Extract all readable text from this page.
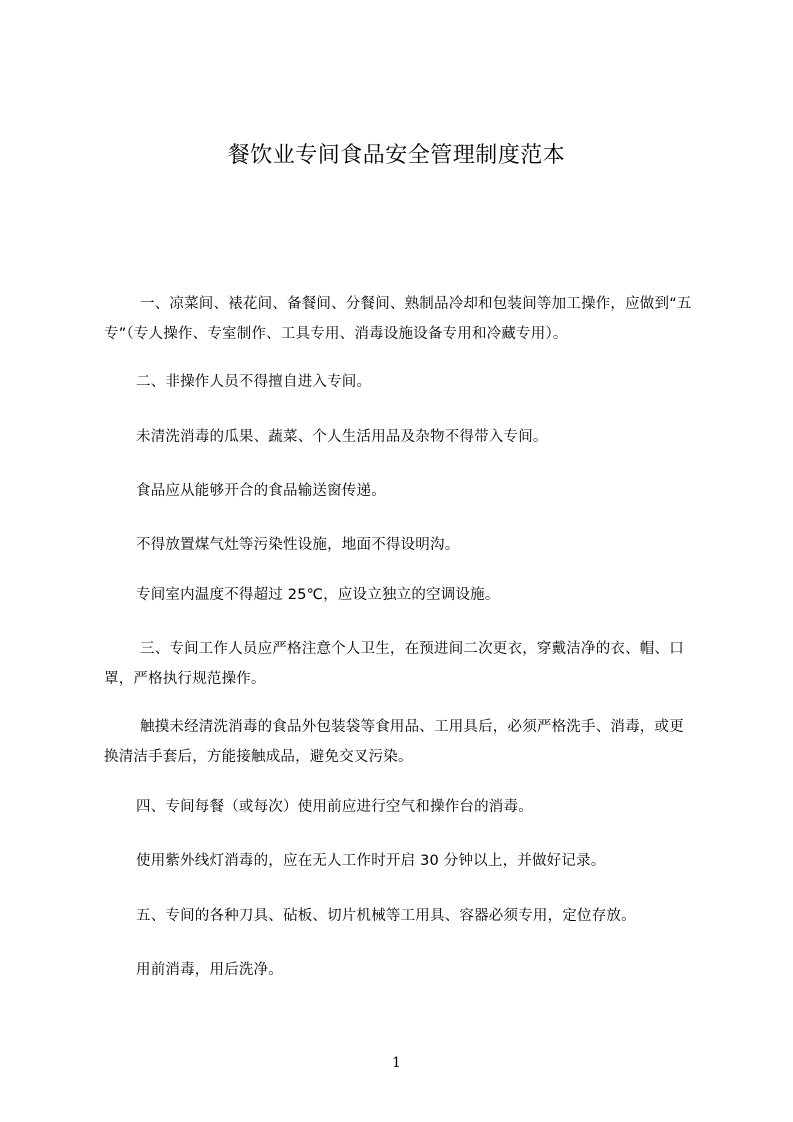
餐饮业专间食品安全管理制度范本

一、凉菜间、裱花间、备餐间、分餐间、熟制品冷却和包装间等加工操作，应做到“五专”（专人操作、专室制作、工具专用、消毒设施设备专用和冷藏专用）。

二、非操作人员不得擅自进入专间。

未清洗消毒的瓜果、蔬菜、个人生活用品及杂物不得带入专间。

食品应从能够开合的食品输送窗传递。

不得放置煤气灶等污染性设施，地面不得设明沟。

专间室内温度不得超过 25℃，应设立独立的空调设施。

三、专间工作人员应严格注意个人卫生，在预进间二次更衣，穿戴洁净的衣、帽、口罩，严格执行规范操作。

触摸未经清洗消毒的食品外包装袋等食用品、工用具后，必须严格洗手、消毒，或更换清洁手套后，方能接触成品，避免交叉污染。

四、专间每餐（或每次）使用前应进行空气和操作台的消毒。

使用紫外线灯消毒的，应在无人工作时开启 30 分钟以上，并做好记录。

五、专间的各种刀具、砧板、切片机械等工用具、容器必须专用，定位存放。

用前消毒，用后洗净。

1
